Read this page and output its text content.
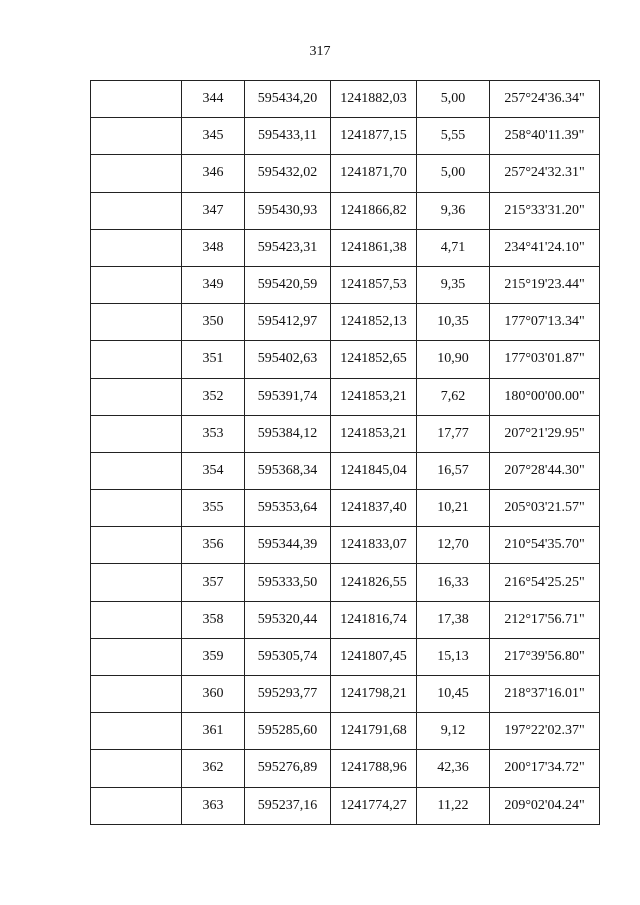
317
	344	595434,20	1241882,03	5,00	257°24'36.34"
	345	595433,11	1241877,15	5,55	258°40'11.39"
	346	595432,02	1241871,70	5,00	257°24'32.31"
	347	595430,93	1241866,82	9,36	215°33'31.20"
	348	595423,31	1241861,38	4,71	234°41'24.10"
	349	595420,59	1241857,53	9,35	215°19'23.44"
	350	595412,97	1241852,13	10,35	177°07'13.34"
	351	595402,63	1241852,65	10,90	177°03'01.87"
	352	595391,74	1241853,21	7,62	180°00'00.00"
	353	595384,12	1241853,21	17,77	207°21'29.95"
	354	595368,34	1241845,04	16,57	207°28'44.30"
	355	595353,64	1241837,40	10,21	205°03'21.57"
	356	595344,39	1241833,07	12,70	210°54'35.70"
	357	595333,50	1241826,55	16,33	216°54'25.25"
	358	595320,44	1241816,74	17,38	212°17'56.71"
	359	595305,74	1241807,45	15,13	217°39'56.80"
	360	595293,77	1241798,21	10,45	218°37'16.01"
	361	595285,60	1241791,68	9,12	197°22'02.37"
	362	595276,89	1241788,96	42,36	200°17'34.72"
	363	595237,16	1241774,27	11,22	209°02'04.24"
